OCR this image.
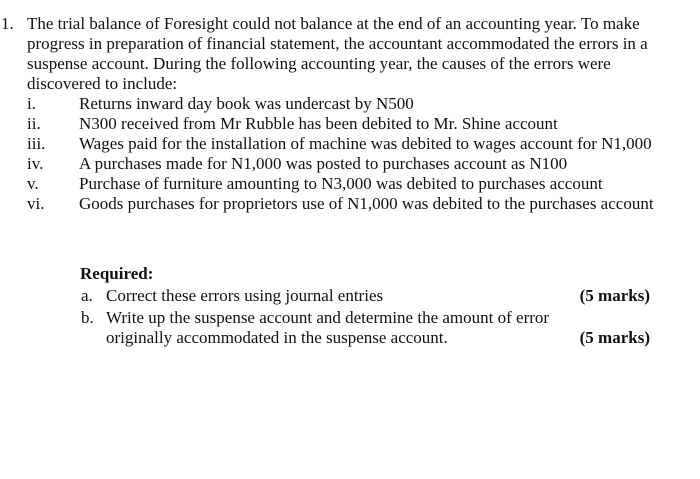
1. The trial balance of Foresight could not balance at the end of an accounting year. To make progress in preparation of financial statement, the accountant accommodated the errors in a suspense account. During the following accounting year, the causes of the errors were discovered to include:
i.	Returns inward day book was undercast by N500
ii. N300 received from Mr Rubble has been debited to Mr. Shine account
iii. Wages paid for the installation of machine was debited to wages account for N1,000
iv. A purchases made for N1,000 was posted to purchases account as N100
v. Purchase of furniture amounting to N3,000 was debited to purchases account
vi. Goods purchases for proprietors use of N1,000 was debited to the purchases account
Required:
a. Correct these errors using journal entries	(5 marks)
b. Write up the suspense account and determine the amount of error originally accommodated in the suspense account.	(5 marks)
